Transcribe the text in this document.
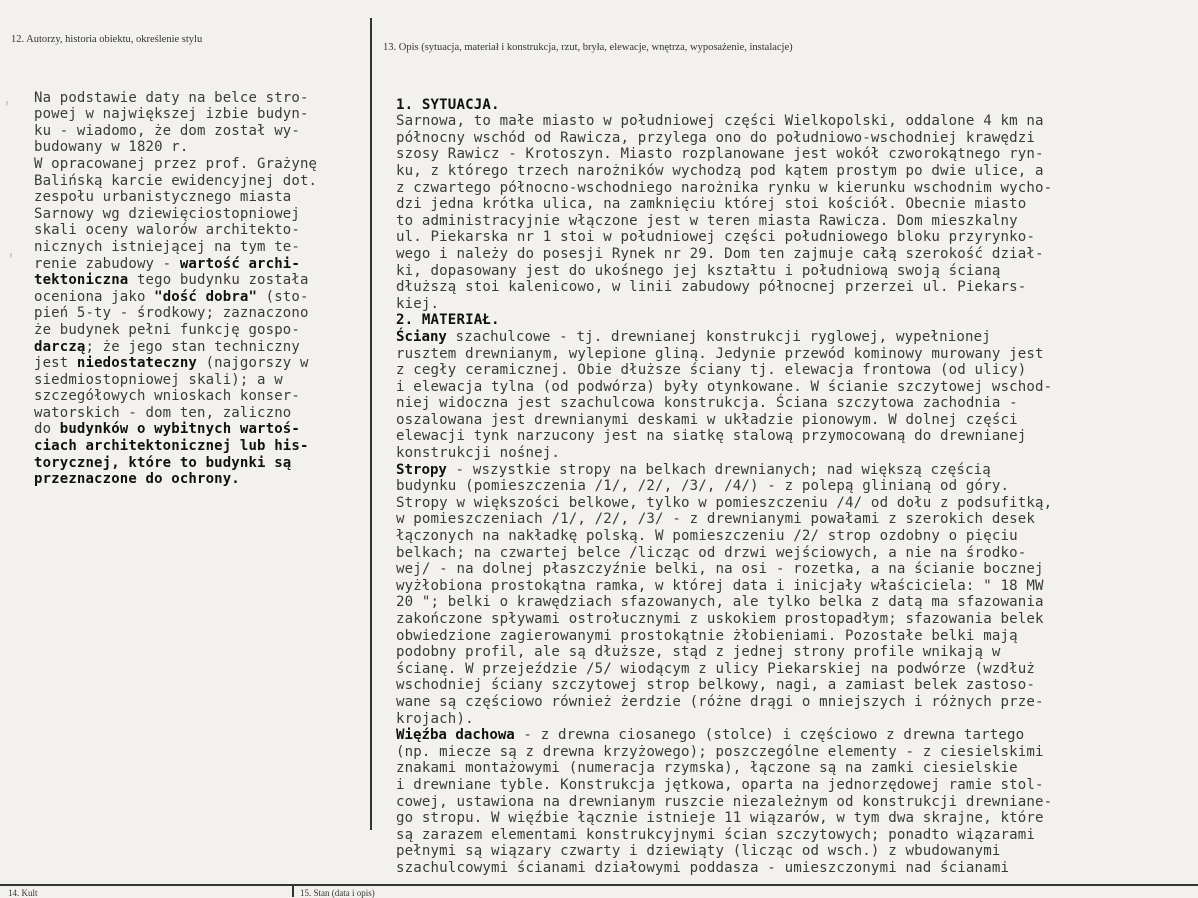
12. Autorzy, historia obiektu, określenie stylu
13. Opis (sytuacja, materiał i konstrukcja, rzut, bryła, elewacje, wnętrza, wyposażenie, instalacje)
ᵎ
ᵎ

Na podstawie daty na belce stro-
powej w największej izbie budyn-
ku - wiadomo, że dom został wy-
budowany w 1820 r.
W opracowanej przez prof. Grażynę
Balińską karcie ewidencyjnej dot.
zespołu urbanistycznego miasta
Sarnowy wg dziewięciostopniowej
skali oceny walorów architekto-
nicznych istniejącej na tym te-
renie zabudowy - wartość archi-
tektoniczna tego budynku została
oceniona jako "dość dobra" (sto-
pień 5-ty - środkowy; zaznaczono
że budynek pełni funkcję gospo-
darczą; że jego stan techniczny
jest niedostateczny (najgorszy w
siedmiostopniowej skali); a w
szczegółowych wnioskach konser-
watorskich - dom ten, zaliczno
do budynków o wybitnych wartoś-
ciach architektonicznej lub his-
torycznej, które to budynki są
przeznaczone do ochrony.

1. SYTUACJA.
Sarnowa, to małe miasto w południowej części Wielkopolski, oddalone 4 km na
północny wschód od Rawicza, przylega ono do południowo-wschodniej krawędzi
szosy Rawicz - Krotoszyn. Miasto rozplanowane jest wokół czworokątnego ryn-
ku, z którego trzech narożników wychodzą pod kątem prostym po dwie ulice, a
z czwartego północno-wschodniego narożnika rynku w kierunku wschodnim wycho-
dzi jedna krótka ulica, na zamknięciu której stoi kościół. Obecnie miasto
to administracyjnie włączone jest w teren miasta Rawicza. Dom mieszkalny
ul. Piekarska nr 1 stoi w południowej części południowego bloku przyrynko-
wego i należy do posesji Rynek nr 29. Dom ten zajmuje całą szerokość dział-
ki, dopasowany jest do ukośnego jej kształtu i południową swoją ścianą
dłuższą stoi kalenicowo, w linii zabudowy północnej przerzei ul. Piekars-
kiej.
2. MATERIAŁ.
Ściany szachulcowe - tj. drewnianej konstrukcji ryglowej, wypełnionej
rusztem drewnianym, wylepione gliną. Jedynie przewód kominowy murowany jest
z cegły ceramicznej. Obie dłuższe ściany tj. elewacja frontowa (od ulicy)
i elewacja tylna (od podwórza) były otynkowane. W ścianie szczytowej wschod-
niej widoczna jest szachulcowa konstrukcja. Ściana szczytowa zachodnia -
oszalowana jest drewnianymi deskami w układzie pionowym. W dolnej części
elewacji tynk narzucony jest na siatkę stalową przymocowaną do drewnianej
konstrukcji nośnej.
Stropy - wszystkie stropy na belkach drewnianych; nad większą częścią
budynku (pomieszczenia /1/, /2/, /3/, /4/) - z polepą glinianą od góry.
Stropy w większości belkowe, tylko w pomieszczeniu /4/ od dołu z podsufitką,
w pomieszczeniach /1/, /2/, /3/ - z drewnianymi powałami z szerokich desek
łączonych na nakładkę polską. W pomieszczeniu /2/ strop ozdobny o pięciu
belkach; na czwartej belce /licząc od drzwi wejściowych, a nie na środko-
wej/ - na dolnej płaszczyźnie belki, na osi - rozetka, a na ścianie bocznej
wyżłobiona prostokątna ramka, w której data i inicjały właściciela: " 18 MW
20 "; belki o krawędziach sfazowanych, ale tylko belka z datą ma sfazowania
zakończone spływami ostrołucznymi z uskokiem prostopadłym; sfazowania belek
obwiedzione zagierowanymi prostokątnie żłobieniami. Pozostałe belki mają
podobny profil, ale są dłuższe, stąd z jednej strony profile wnikają w
ścianę. W przejeździe /5/ wiodącym z ulicy Piekarskiej na podwórze (wzdłuż
wschodniej ściany szczytowej strop belkowy, nagi, a zamiast belek zastoso-
wane są częściowo również żerdzie (różne drągi o mniejszych i różnych prze-
krojach).
Więźba dachowa - z drewna ciosanego (stolce) i częściowo z drewna tartego
(np. miecze są z drewna krzyżowego); poszczególne elementy - z ciesielskimi
znakami montażowymi (numeracja rzymska), łączone są na zamki ciesielskie
i drewniane tyble. Konstrukcja jętkowa, oparta na jednorzędowej ramie stol-
cowej, ustawiona na drewnianym ruszcie niezależnym od konstrukcji drewniane-
go stropu. W więźbie łącznie istnieje 11 wiązarów, w tym dwa skrajne, które
są zarazem elementami konstrukcyjnymi ścian szczytowych; ponadto wiązarami
pełnymi są wiązary czwarty i dziewiąty (licząc od wsch.) z wbudowanymi
szachulcowymi ścianami działowymi poddasza - umieszczonymi nad ścianami

14. Kult	15. Stan (data i opis)
